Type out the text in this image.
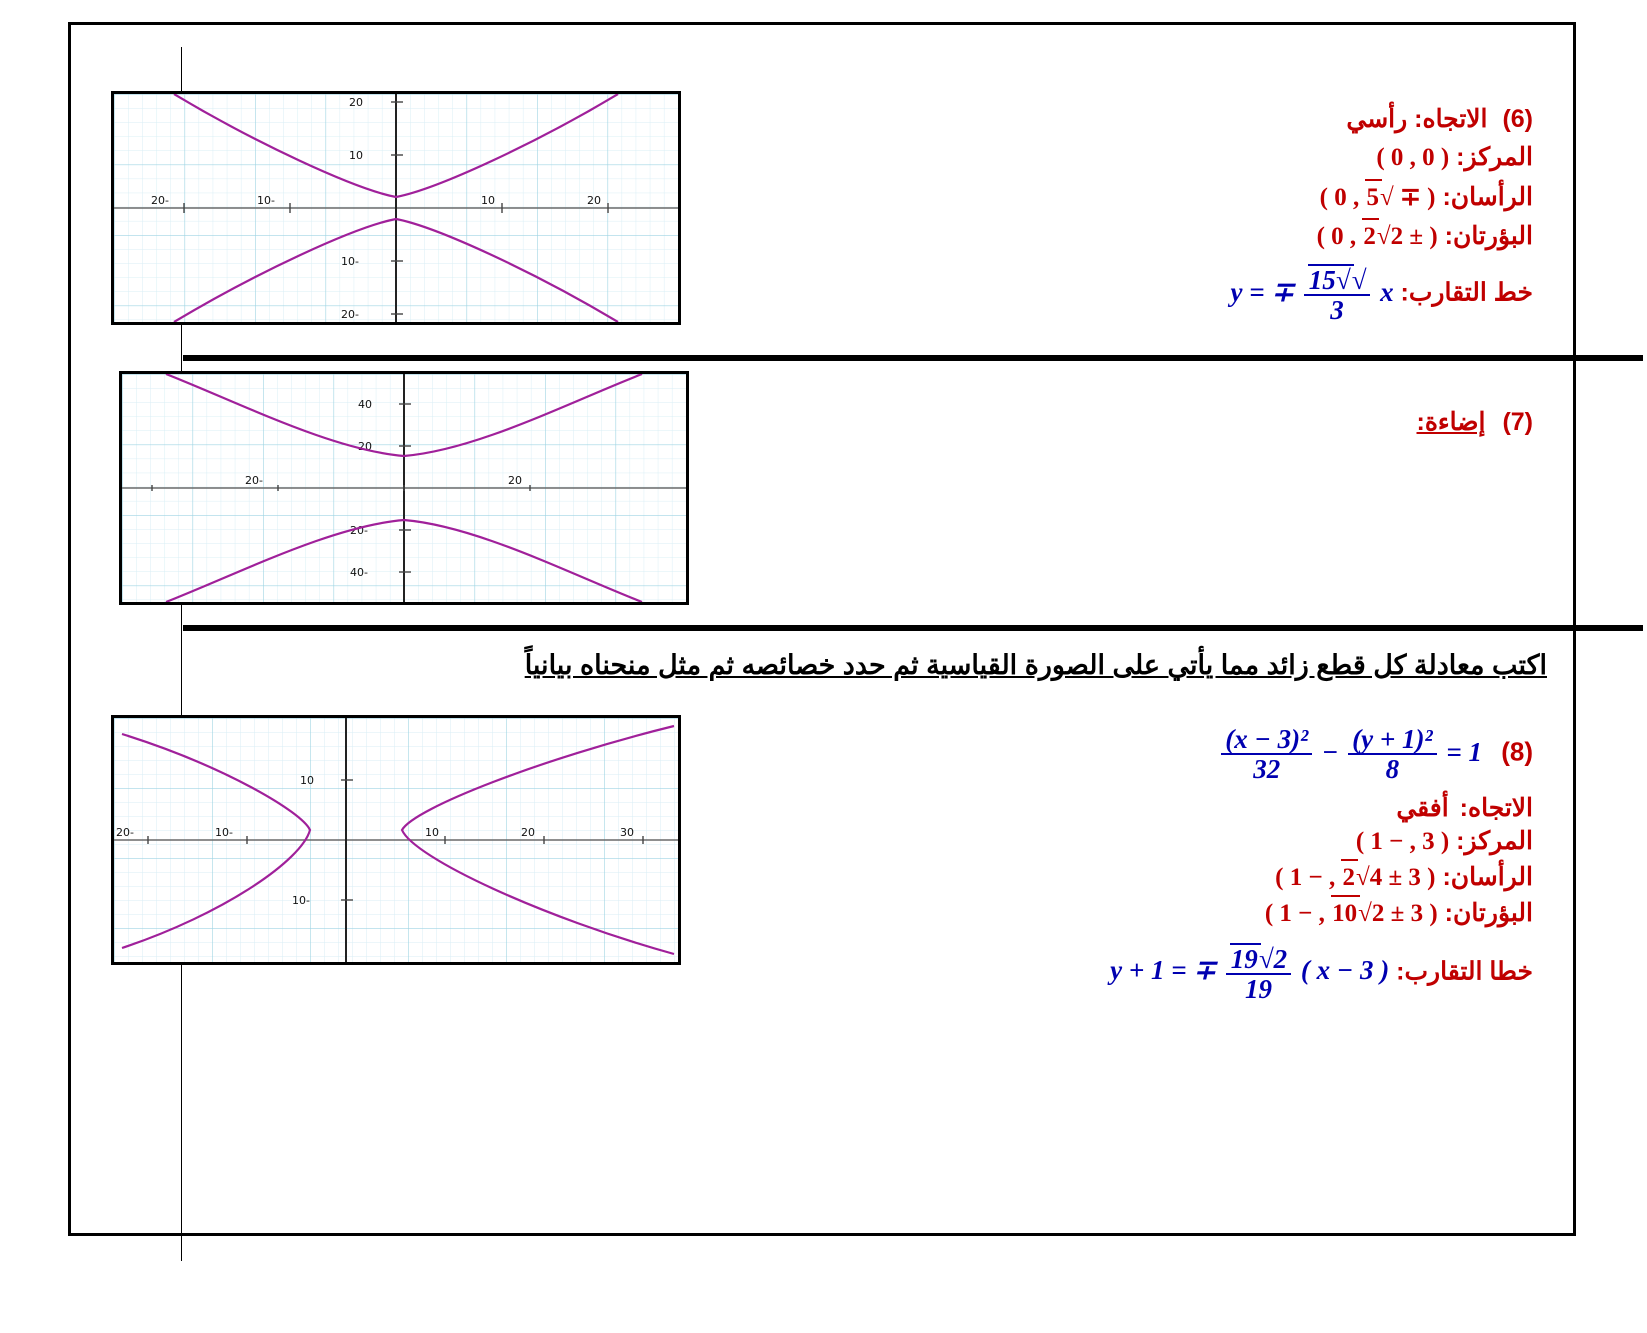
-20	-10	10	20
20
10
-10
-20
(6) الاتجاه: رأسي
المركز: ( 0 , 0 )
الرأسان: ( ∓ √5 , 0 )
البؤرتان: ( ± 2√2 , 0 )
خط التقارب: y = ∓ $\frac{√√15}{3}$ x
-20	20
40
20
-20
-40
(7) إضاءة:
اكتب معادلة كل قطع زائد مما يأتي على الصورة القياسية ثم حدد خصائصه ثم مثل منحناه بيانياً
-20	-10	10	20	30
10
-10
(8)
$\frac{\text{(x − 3)²}}{32} - \frac{\text{(y + 1)²}}{8} = 1$
الاتجاه: أفقي
المركز: ( 3 , − 1 )
الرأسان: ( 3 ± 4√2 , − 1 )
البؤرتان: ( 3 ± 2√10 , − 1 )
خطا التقارب: y + 1 = ∓ $\frac{2√19}{19}$ ( x − 3 )
